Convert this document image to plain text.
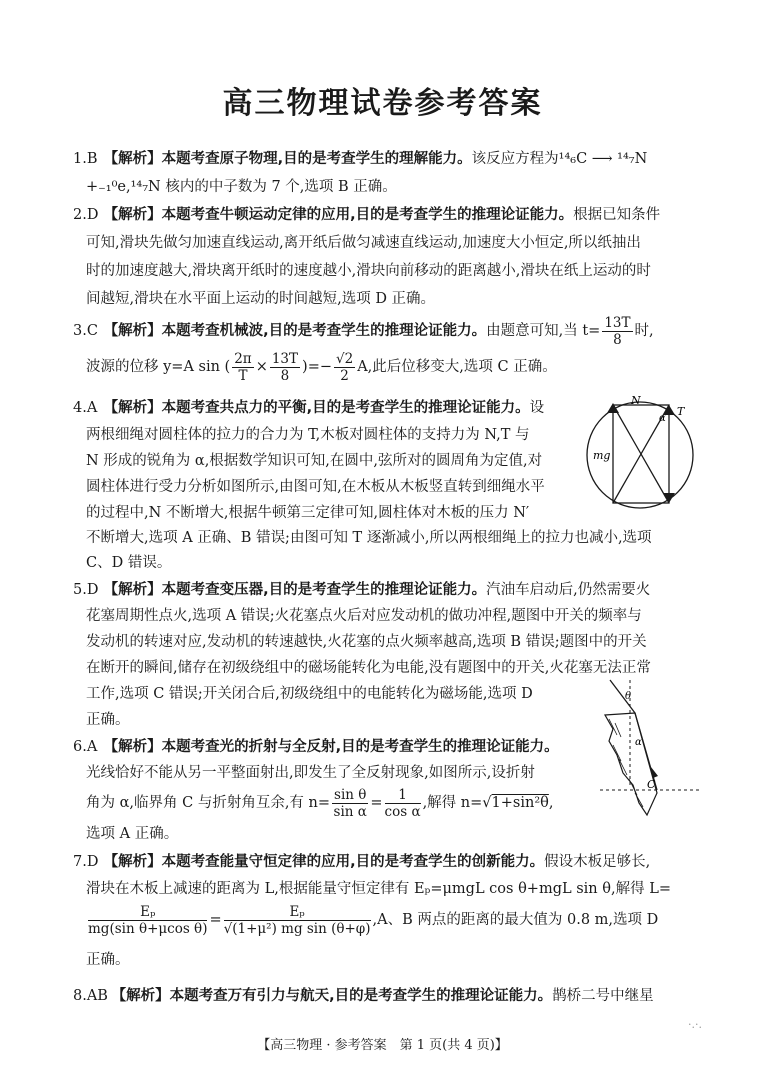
高三物理试卷参考答案
1.B 【解析】本题考查原子物理,目的是考查学生的理解能力。该反应方程为¹⁴₆C ⟶ ¹⁴₇N
+₋₁⁰e,¹⁴₇N 核内的中子数为 7 个,选项 B 正确。
2.D 【解析】本题考查牛顿运动定律的应用,目的是考查学生的推理论证能力。根据已知条件
可知,滑块先做匀加速直线运动,离开纸后做匀减速直线运动,加速度大小恒定,所以纸抽出
时的加速度越大,滑块离开纸时的速度越小,滑块向前移动的距离越小,滑块在纸上运动的时
间越短,滑块在水平面上运动的时间越短,选项 D 正确。
3.C 【解析】本题考查机械波,目的是考查学生的推理论证能力。由题意可知,当 $t= \frac{13T}{8}$ 时,
波源的位移 y=A sin ( $\frac{2\pi}{T} \times \frac{13T}{8}$ )=− $\frac{√2}{2} A$,此后位移变大,选项 C 正确。
4.A 【解析】本题考查共点力的平衡,目的是考查学生的推理论证能力。设
两根细绳对圆柱体的拉力的合力为 T,木板对圆柱体的支持力为 N,T 与
N 形成的锐角为 α,根据数学知识可知,在圆中,弦所对的圆周角为定值,对
圆柱体进行受力分析如图所示,由图可知,在木板从木板竖直转到细绳水平
的过程中,N 不断增大,根据牛顿第三定律可知,圆柱体对木板的压力 N′
不断增大,选项 A 正确、B 错误;由图可知 T 逐渐减小,所以两根细绳上的拉力也减小,选项
C、D 错误。
N
α
T
mg
5.D 【解析】本题考查变压器,目的是考查学生的推理论证能力。汽油车启动后,仍然需要火
花塞周期性点火,选项 A 错误;火花塞点火后对应发动机的做功冲程,题图中开关的频率与
发动机的转速对应,发动机的转速越快,火花塞的点火频率越高,选项 B 错误;题图中的开关
在断开的瞬间,储存在初级绕组中的磁场能转化为电能,没有题图中的开关,火花塞无法正常
工作,选项 C 错误;开关闭合后,初级绕组中的电能转化为磁场能,选项 D
正确。
6.A 【解析】本题考查光的折射与全反射,目的是考查学生的推理论证能力。
光线恰好不能从另一平整面射出,即发生了全反射现象,如图所示,设折射
角为 α,临界角 C 与折射角互余,有 $n= \frac{\text{sin θ}}{\text{sin α}} = \frac{1}{\text{cos α}}$ ,解得 n=√1+sin²θ,
选项 A 正确。
θ
α
C
7.D 【解析】本题考查能量守恒定律的应用,目的是考查学生的创新能力。假设木板足够长,
滑块在木板上减速的距离为 L,根据能量守恒定律有 Eₚ=μmgL cos θ+mgL sin θ,解得 L=
$\frac{\text{Eₚ}}{\text{mg(sin θ+μcos θ)}} = \frac{\text{Eₚ}}{\text{√(1+μ²) mg sin (θ+φ)}} ,A$、B 两点的距离的最大值为 0.8 m,选项 D
正确。
8.AB 【解析】本题考查万有引力与航天,目的是考查学生的推理论证能力。鹊桥二号中继星
·.·.
【高三物理 · 参考答案　第 1 页(共 4 页)】
